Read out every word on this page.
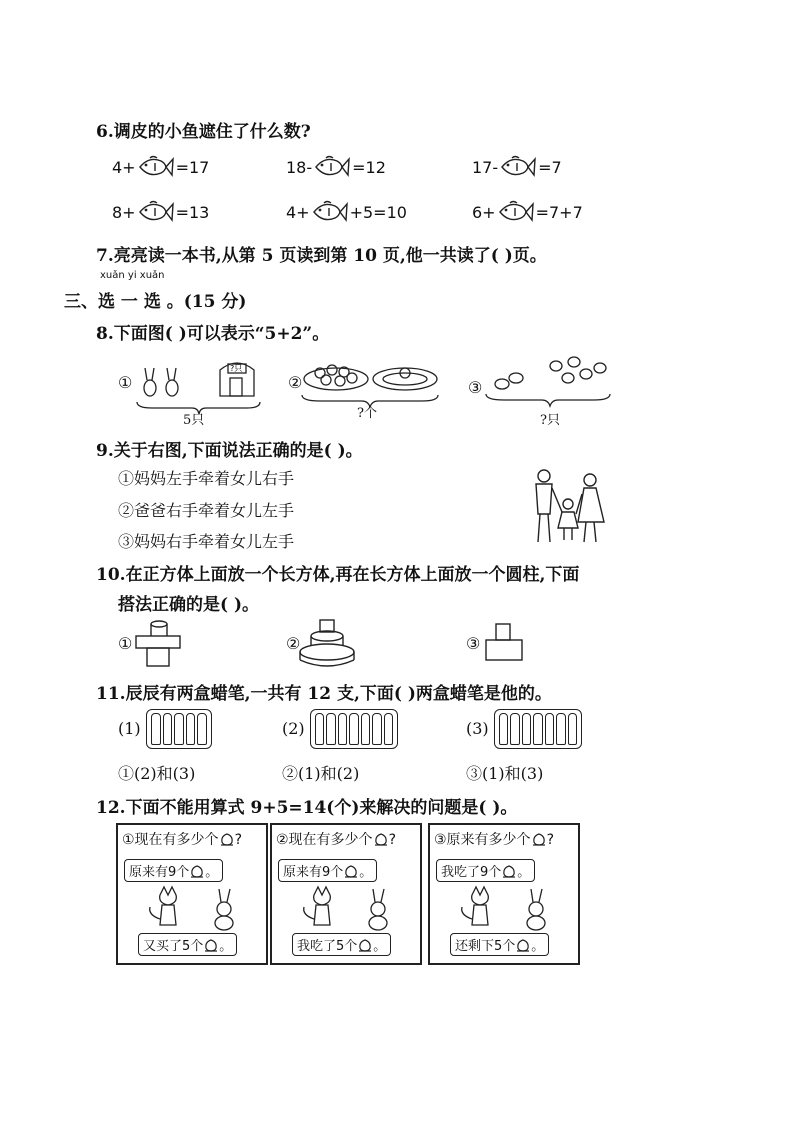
6.调皮的小鱼遮住了什么数?
4+	=17	18-	=12	17-	=7
8+	=13	4+	+5=10	6+	=7+7
7.亮亮读一本书,从第 5 页读到第 10 页,他一共读了( )页。
xuǎn yi xuǎn
三、选 一 选 。(15 分)
8.下面图( )可以表示“5+2”。
①
?只
5只
②
?个
③
?只
9.关于右图,下面说法正确的是( )。
①妈妈左手牵着女儿右手
②爸爸右手牵着女儿左手
③妈妈右手牵着女儿左手
10.在正方体上面放一个长方体,再在长方体上面放一个圆柱,下面
搭法正确的是( )。
①	②	③
11.辰辰有两盒蜡笔,一共有 12 支,下面( )两盒蜡笔是他的。
(1)	(2)	(3)
①(2)和(3)	②(1)和(2)	③(1)和(3)
12.下面不能用算式 9+5=14(个)来解决的问题是( )。
①现在有多少个 ?
原来有9个 。
又买了5个 。
②现在有多少个 ?
原来有9个 。
我吃了5个 。
③原来有多少个 ?
我吃了9个 。
还剩下5个 。
